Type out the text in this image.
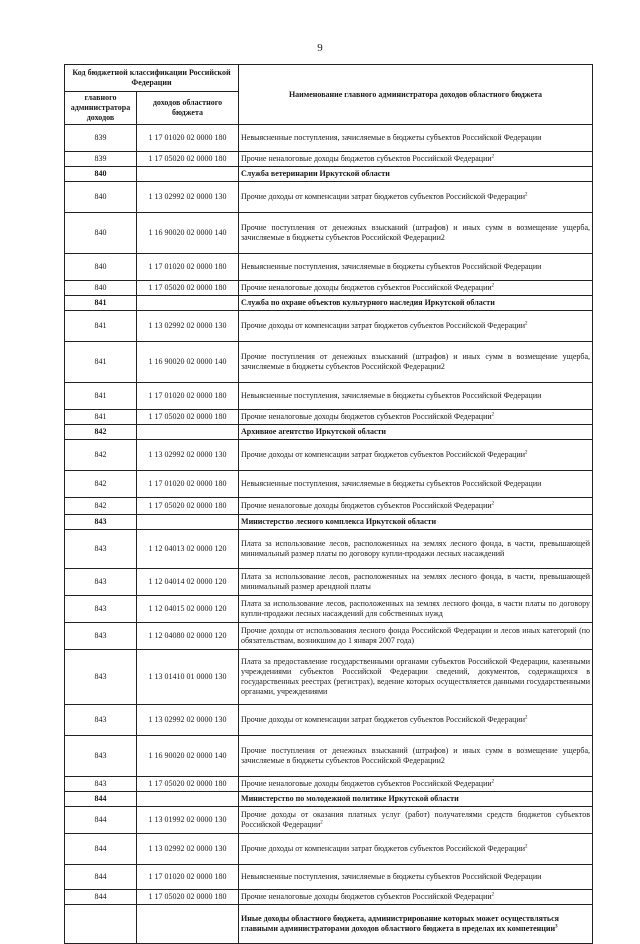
9
Код бюджетной классификации Российской Федерации		Наименование главного администратора доходов областного бюджета
главного администратора доходов	доходов областного бюджета	
839	1 17 01020 02 0000 180	Невыясненные поступления, зачисляемые в бюджеты субъектов Российской Федерации
839	1 17 05020 02 0000 180	Прочие неналоговые доходы бюджетов субъектов Российской Федерации$^2$
840		Служба ветеринарии Иркутской области
840	1 13 02992 02 0000 130	Прочие доходы от компенсации затрат бюджетов субъектов Российской Федерации$^2$
840	1 16 90020 02 0000 140	Прочие поступления от денежных взысканий (штрафов) и иных сумм в возмещение ущерба, зачисляемые в бюджеты субъектов Российской Федерации2
840	1 17 01020 02 0000 180	Невыясненные поступления, зачисляемые в бюджеты субъектов Российской Федерации
840	1 17 05020 02 0000 180	Прочие неналоговые доходы бюджетов субъектов Российской Федерации$^2$
841		Служба по охране объектов культурного наследия Иркутской области
841	1 13 02992 02 0000 130	Прочие доходы от компенсации затрат бюджетов субъектов Российской Федерации$^2$
841	1 16 90020 02 0000 140	Прочие поступления от денежных взысканий (штрафов) и иных сумм в возмещение ущерба, зачисляемые в бюджеты субъектов Российской Федерации2
841	1 17 01020 02 0000 180	Невыясненные поступления, зачисляемые в бюджеты субъектов Российской Федерации
841	1 17 05020 02 0000 180	Прочие неналоговые доходы бюджетов субъектов Российской Федерации$^2$
842		Архивное агентство Иркутской области
842	1 13 02992 02 0000 130	Прочие доходы от компенсации затрат бюджетов субъектов Российской Федерации$^2$
842	1 17 01020 02 0000 180	Невыясненные поступления, зачисляемые в бюджеты субъектов Российской Федерации
842	1 17 05020 02 0000 180	Прочие неналоговые доходы бюджетов субъектов Российской Федерации$^2$
843		Министерство лесного комплекса Иркутской области
843	1 12 04013 02 0000 120	Плата за использование лесов, расположенных на землях лесного фонда, в части, превышающей минимальный размер платы по договору купли-продажи лесных насаждений
843	1 12 04014 02 0000 120	Плата за использование лесов, расположенных на землях лесного фонда, в части, превышающей минимальный размер арендной платы
843	1 12 04015 02 0000 120	Плата за использование лесов, расположенных на землях лесного фонда, в части платы по договору купли-продажи лесных насаждений для собственных нужд
843	1 12 04080 02 0000 120	Прочие доходы от использования лесного фонда Российской Федерации и лесов иных категорий (по обязательствам, возникшим до 1 января 2007 года)
843	1 13 01410 01 0000 130	Плата за предоставление государственными органами субъектов Российской Федерации, казенными учреждениями субъектов Российской Федерации сведений, документов, содержащихся в государственных реестрах (регистрах), ведение которых осуществляется данными государственными органами, учреждениями
843	1 13 02992 02 0000 130	Прочие доходы от компенсации затрат бюджетов субъектов Российской Федерации$^2$
843	1 16 90020 02 0000 140	Прочие поступления от денежных взысканий (штрафов) и иных сумм в возмещение ущерба, зачисляемые в бюджеты субъектов Российской Федерации2
843	1 17 05020 02 0000 180	Прочие неналоговые доходы бюджетов субъектов Российской Федерации$^2$
844		Министерство по молодежной политике Иркутской области
844	1 13 01992 02 0000 130	Прочие доходы от оказания платных услуг (работ) получателями средств бюджетов субъектов Российской Федерации$^2$
844	1 13 02992 02 0000 130	Прочие доходы от компенсации затрат бюджетов субъектов Российской Федерации$^2$
844	1 17 01020 02 0000 180	Невыясненные поступления, зачисляемые в бюджеты субъектов Российской Федерации
844	1 17 05020 02 0000 180	Прочие неналоговые доходы бюджетов субъектов Российской Федерации$^2$
		Иные доходы областного бюджета, администрирование которых может осуществляться главными администраторами доходов областного бюджета в пределах их компетенции$^3$
